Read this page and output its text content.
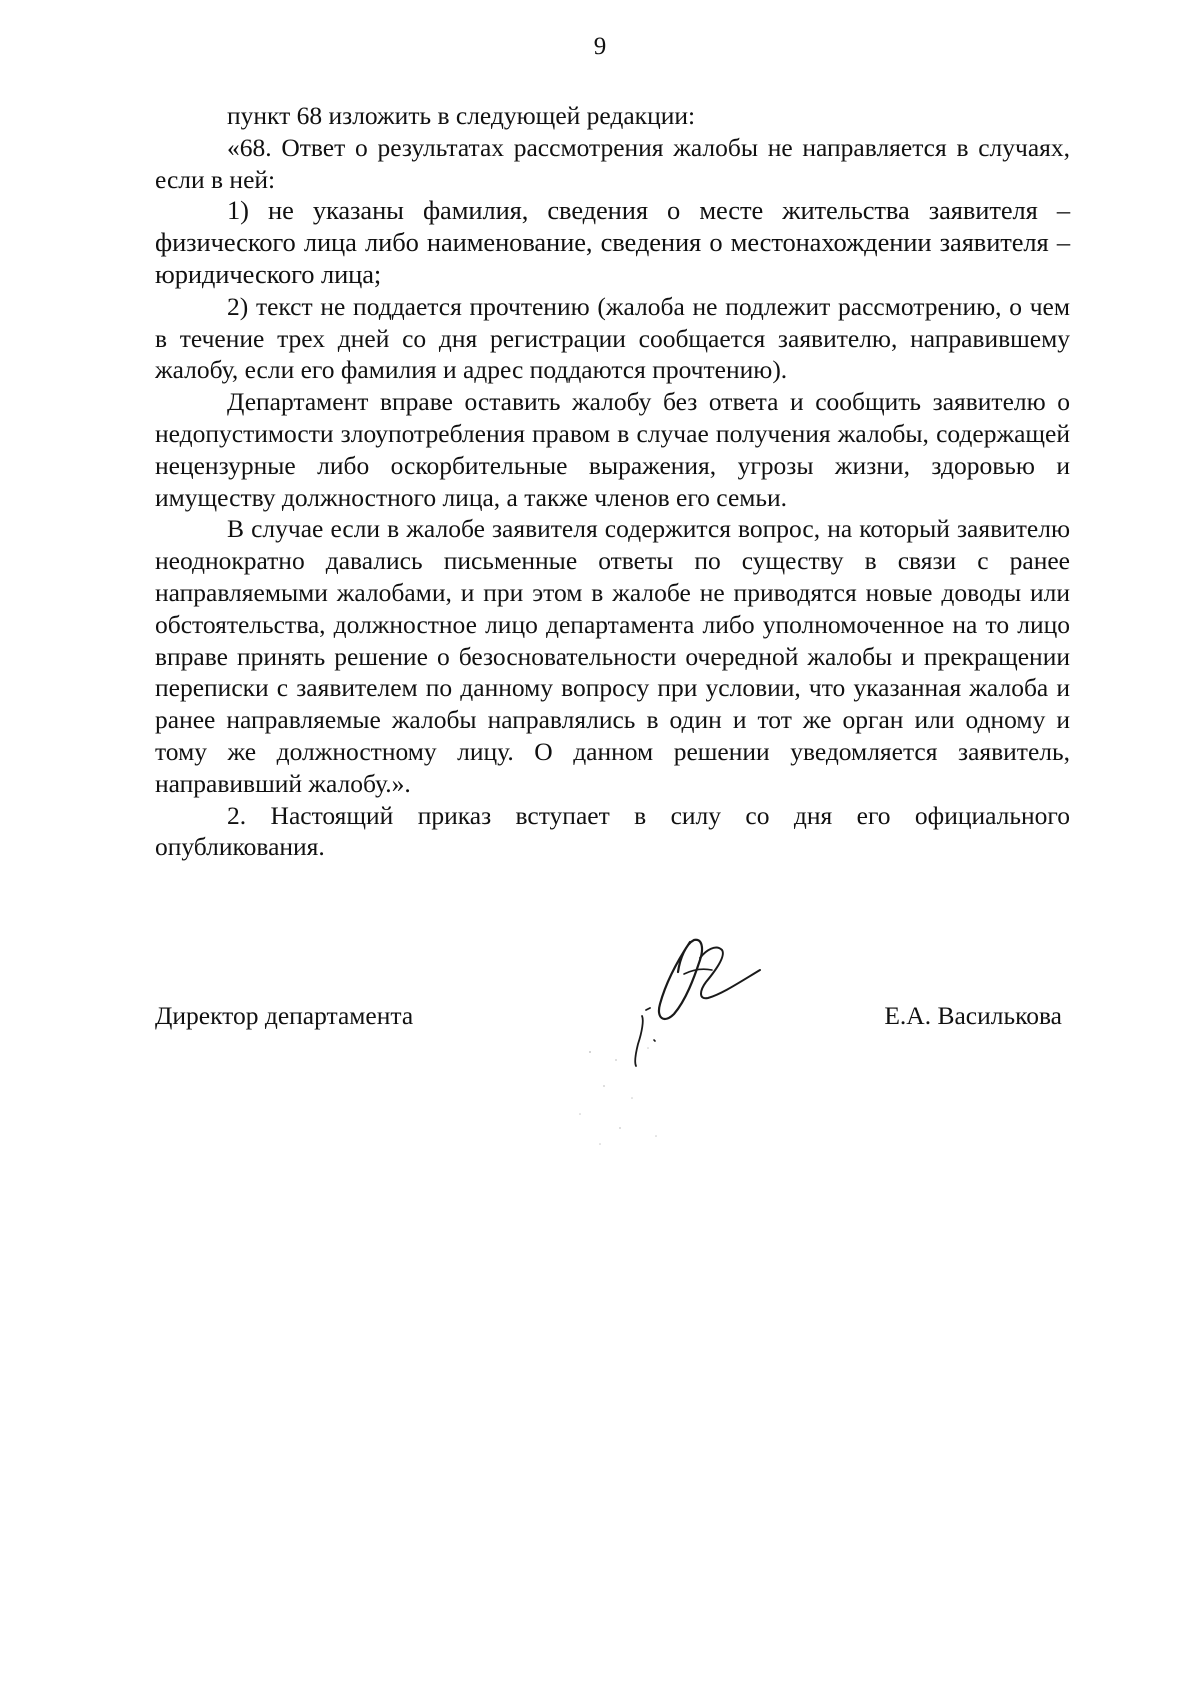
9

пункт 68 изложить в следующей редакции:

«68. Ответ о результатах рассмотрения жалобы не направляется в случаях, если в ней:

1) не указаны фамилия, сведения о месте жительства заявителя – физического лица либо наименование, сведения о местонахождении заявителя – юридического лица;

2) текст не поддается прочтению (жалоба не подлежит рассмотрению, о чем в течение трех дней со дня регистрации сообщается заявителю, направившему жалобу, если его фамилия и адрес поддаются прочтению).

Департамент вправе оставить жалобу без ответа и сообщить заявителю о недопустимости злоупотребления правом в случае получения жалобы, содержащей нецензурные либо оскорбительные выражения, угрозы жизни, здоровью и имуществу должностного лица, а также членов его семьи.

В случае если в жалобе заявителя содержится вопрос, на который заявителю неоднократно давались письменные ответы по существу в связи с ранее направляемыми жалобами, и при этом в жалобе не приводятся новые доводы или обстоятельства, должностное лицо департамента либо уполномоченное на то лицо вправе принять решение о безосновательности очередной жалобы и прекращении переписки с заявителем по данному вопросу при условии, что указанная жалоба и ранее направляемые жалобы направлялись в один и тот же орган или одному и тому же должностному лицу. О данном решении уведомляется заявитель, направивший жалобу.».

2. Настоящий приказ вступает в силу со дня его официального опубликования.

Директор департамента	Е.А. Василькова
